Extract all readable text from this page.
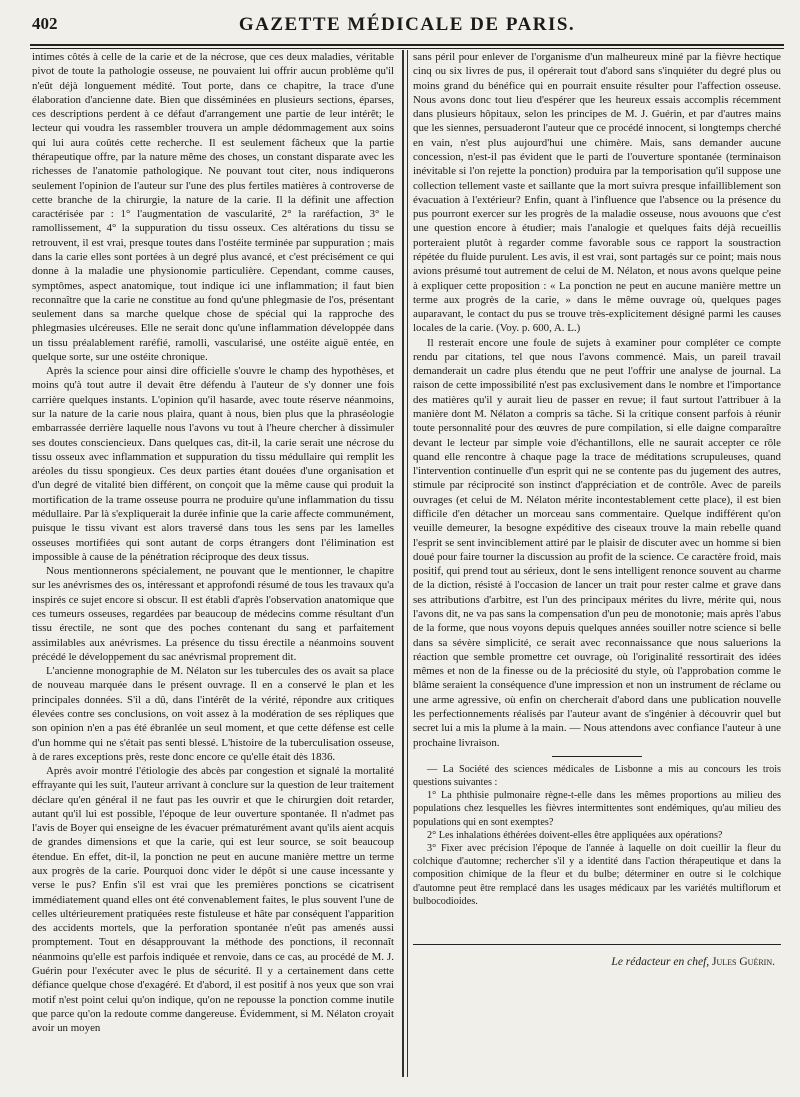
402	GAZETTE MÉDICALE DE PARIS.

intimes côtés à celle de la carie et de la nécrose, que ces deux maladies, véritable pivot de toute la pathologie osseuse, ne pouvaient lui offrir aucun problème qu'il n'eût déjà longuement médité. Tout porte, dans ce chapitre, la trace d'une élaboration d'ancienne date. Bien que disséminées en plusieurs sections, éparses, ces descriptions perdent à ce défaut d'arrangement une partie de leur intérêt; le lecteur qui voudra les rassembler trouvera un ample dédommagement aux soins qui lui aura coûtés cette recherche. Il est seulement fâcheux que la partie thérapeutique offre, par la nature même des choses, un constant disparate avec les richesses de l'anatomie pathologique. Ne pouvant tout citer, nous indiquerons seulement l'opinion de l'auteur sur l'une des plus fertiles matières à controverse de cette branche de la chirurgie, la nature de la carie. Il la définit une affection caractérisée par : 1° l'augmentation de vascularité, 2° la raréfaction, 3° le ramollissement, 4° la suppuration du tissu osseux. Ces altérations du tissu se retrouvent, il est vrai, presque toutes dans l'ostéite terminée par suppuration ; mais dans la carie elles sont portées à un degré plus avancé, et c'est précisément ce qui donne à la maladie une physionomie particulière. Cependant, comme causes, symptômes, aspect anatomique, tout indique ici une inflammation; il faut bien reconnaître que la carie ne constitue au fond qu'une phlegmasie de l'os, présentant seulement dans sa marche quelque chose de spécial qui la rapproche des phlegmasies ulcéreuses. Elle ne serait donc qu'une inflammation développée dans un tissu préalablement raréfié, ramolli, vascularisé, une ostéite aiguë entée, en quelque sorte, sur une ostéite chronique.

Après la science pour ainsi dire officielle s'ouvre le champ des hypothèses, et moins qu'à tout autre il devait être défendu à l'auteur de s'y donner une fois carrière quelques instants. L'opinion qu'il hasarde, avec toute réserve néanmoins, sur la nature de la carie nous plaira, quant à nous, bien plus que la phraséologie embarrassée derrière laquelle nous l'avons vu tout à l'heure chercher à dissimuler ses doutes consciencieux. Dans quelques cas, dit-il, la carie serait une nécrose du tissu osseux avec inflammation et suppuration du tissu médullaire qui remplit les aréoles du tissu spongieux. Ces deux parties étant douées d'une organisation et d'un degré de vitalité bien différent, on conçoit que la même cause qui produit la mortification de la trame osseuse pourra ne produire qu'une inflammation du tissu médullaire. Par là s'expliquerait la durée infinie que la carie affecte communément, puisque le tissu vivant est alors traversé dans tous les sens par les lamelles osseuses mortifiées qui sont autant de corps étrangers dont l'élimination est impossible à cause de la pénétration réciproque des deux tissus.

Nous mentionnerons spécialement, ne pouvant que le mentionner, le chapitre sur les anévrismes des os, intéressant et approfondi résumé de tous les travaux qu'a inspirés ce sujet encore si obscur. Il est établi d'après l'observation anatomique que ces tumeurs osseuses, regardées par beaucoup de médecins comme résultant d'un tissu érectile, ne sont que des poches contenant du sang et parfaitement assimilables aux anévrismes. La présence du tissu érectile a néanmoins souvent précédé le développement du sac anévrismal proprement dit.

L'ancienne monographie de M. Nélaton sur les tubercules des os avait sa place de nouveau marquée dans le présent ouvrage. Il en a conservé le plan et les principales données. S'il a dû, dans l'intérêt de la vérité, répondre aux critiques élevées contre ses conclusions, on voit assez à la modération de ses répliques que son opinion n'en a pas été ébranlée un seul moment, et que cette défense est celle d'un homme qui ne s'était pas senti blessé. L'histoire de la tuberculisation osseuse, à de rares exceptions près, reste donc encore ce qu'elle était dès 1836.

Après avoir montré l'étiologie des abcès par congestion et signalé la mortalité effrayante qui les suit, l'auteur arrivant à conclure sur la question de leur traitement déclare qu'en général il ne faut pas les ouvrir et que le chirurgien doit retarder, autant qu'il lui est possible, l'époque de leur ouverture spontanée. Il n'admet pas l'avis de Boyer qui enseigne de les évacuer prématurément avant qu'ils aient acquis de grandes dimensions et que la carie, qui est leur source, se soit beaucoup étendue. En effet, dit-il, la ponction ne peut en aucune manière mettre un terme aux progrès de la carie. Pourquoi donc vider le dépôt si une cause incessante y verse le pus? Enfin s'il est vrai que les premières ponctions se cicatrisent immédiatement quand elles ont été convenablement faites, le plus souvent l'une de celles ultérieurement pratiquées reste fistuleuse et hâte par conséquent l'apparition des accidents mortels, que la perforation spontanée n'eût pas amenés aussi promptement. Tout en désapprouvant la méthode des ponctions, il reconnaît néanmoins qu'elle est parfois indiquée et renvoie, dans ce cas, au procédé de M. J. Guérin pour l'exécuter avec le plus de sécurité. Il y a certainement dans cette défiance quelque chose d'exagéré. Et d'abord, il est positif à nos yeux que son vrai motif n'est point celui qu'on indique, qu'on ne repousse la ponction comme inutile que parce qu'on la redoute comme dangereuse. Évidemment, si M. Nélaton croyait avoir un moyen

sans péril pour enlever de l'organisme d'un malheureux miné par la fièvre hectique cinq ou six livres de pus, il opérerait tout d'abord sans s'inquiéter du degré plus ou moins grand du bénéfice qui en pourrait ensuite résulter pour l'affection osseuse. Nous avons donc tout lieu d'espérer que les heureux essais accomplis récemment dans plusieurs hôpitaux, selon les principes de M. J. Guérin, et par d'autres mains que les siennes, persuaderont l'auteur que ce procédé innocent, si longtemps cherché en vain, n'est plus aujourd'hui une chimère. Mais, sans demander aucune concession, n'est-il pas évident que le parti de l'ouverture spontanée (terminaison inévitable si l'on rejette la ponction) produira par la temporisation qu'il suppose une collection tellement vaste et saillante que la mort suivra presque infailliblement son évacuation à l'extérieur? Enfin, quant à l'influence que l'absence ou la présence du pus pourront exercer sur les progrès de la maladie osseuse, nous avouons que c'est une question encore à étudier; mais l'analogie et quelques faits déjà recueillis porteraient plutôt à regarder comme favorable sous ce rapport la soustraction répétée du fluide purulent. Les avis, il est vrai, sont partagés sur ce point; mais nous avions présumé tout autrement de celui de M. Nélaton, et nous avons quelque peine à expliquer cette proposition : « La ponction ne peut en aucune manière mettre un terme aux progrès de la carie, » dans le même ouvrage où, quelques pages auparavant, le contact du pus se trouve très-explicitement désigné parmi les causes locales de la carie. (Voy. p. 600, A. L.)

Il resterait encore une foule de sujets à examiner pour compléter ce compte rendu par citations, tel que nous l'avons commencé. Mais, un pareil travail demanderait un cadre plus étendu que ne peut l'offrir une analyse de journal. La raison de cette impossibilité n'est pas exclusivement dans le nombre et l'importance des matières qu'il y aurait lieu de passer en revue; il faut surtout l'attribuer à la manière dont M. Nélaton a compris sa tâche. Si la critique consent parfois à réunir toute personnalité pour des œuvres de pure compilation, si elle daigne comparaître devant le lecteur par simple voie d'échantillons, elle ne saurait accepter ce rôle quand elle rencontre à chaque page la trace de méditations scrupuleuses, quand l'intervention continuelle d'un esprit qui ne se contente pas du jugement des autres, stimule par réciprocité son instinct d'appréciation et de contrôle. Avec de pareils ouvrages (et celui de M. Nélaton mérite incontestablement cette place), il est bien difficile d'en détacher un morceau sans commentaire. Quelque indifférent qu'on veuille demeurer, la besogne expéditive des ciseaux trouve la main rebelle quand l'esprit se sent invinciblement attiré par le plaisir de discuter avec un homme si bien doué pour faire tourner la discussion au profit de la science. Ce caractère froid, mais positif, qui prend tout au sérieux, dont le sens intelligent renonce souvent au charme de la diction, résisté à l'occasion de lancer un trait pour rester calme et grave dans ses attributions d'arbitre, est l'un des principaux mérites du livre, mérite qui, nous l'avons dit, ne va pas sans la compensation d'un peu de monotonie; mais après l'abus de la forme, que nous voyons depuis quelques années souiller notre science si belle dans sa sévère simplicité, ce serait avec reconnaissance que nous saluerions la réaction que semble promettre cet ouvrage, où l'originalité ressortirait des idées mêmes et non de la finesse ou de la préciosité du style, où l'approbation comme le blâme seraient la conséquence d'une impression et non un instrument de réclame ou une arme agressive, où enfin on chercherait d'abord dans une publication nouvelle les perfectionnements réalisés par l'auteur avant de s'ingénier à découvrir quel but secret lui a mis la plume à la main. — Nous attendons avec confiance l'auteur à une prochaine livraison.

— La Société des sciences médicales de Lisbonne a mis au concours les trois questions suivantes :

1° La phthisie pulmonaire règne-t-elle dans les mêmes proportions au milieu des populations chez lesquelles les fièvres intermittentes sont endémiques, qu'au milieu des populations qui en sont exemptes?
2° Les inhalations éthérées doivent-elles être appliquées aux opérations?
3° Fixer avec précision l'époque de l'année à laquelle on doit cueillir la fleur du colchique d'automne; rechercher s'il y a identité dans l'action thérapeutique et dans la composition chimique de la fleur et du bulbe; déterminer en outre si le colchique d'automne peut être remplacé dans les usages médicaux par les variétés multiflorum et bulbocodioides.
Le rédacteur en chef, Jules Guérin.
